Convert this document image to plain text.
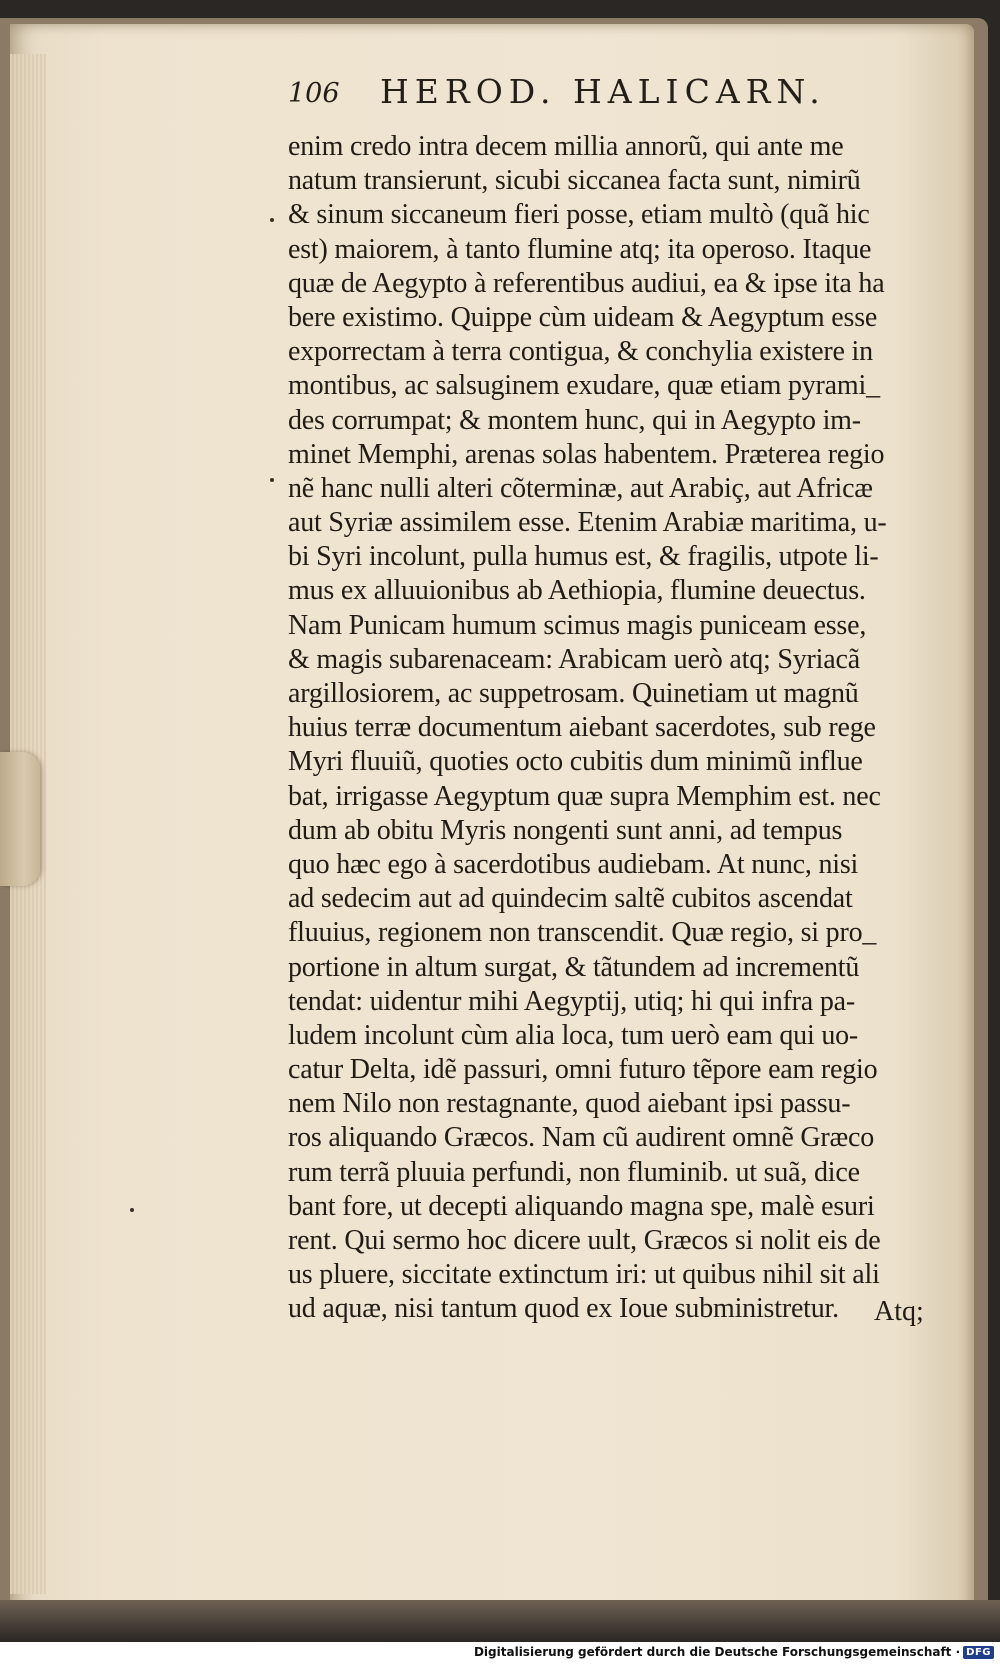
106 HEROD. HALICARN.
enim credo intra decem millia annorũ, qui ante me
natum transierunt, sicubi siccanea facta sunt, nimirũ
& sinum siccaneum fieri posse, etiam multò (quã hic
est) maiorem, à tanto flumine atq; ita operoso. Itaque
quæ de Aegypto à referentibus audiui, ea & ipse ita ha
bere existimo. Quippe cùm uideam & Aegyptum esse
exporrectam à terra contigua, & conchylia existere in
montibus, ac salsuginem exudare, quæ etiam pyrami_
des corrumpat; & montem hunc, qui in Aegypto im-
minet Memphi, arenas solas habentem. Præterea regio
nẽ hanc nulli alteri cõterminæ, aut Arabiç, aut Africæ
aut Syriæ assimilem esse. Etenim Arabiæ maritima, u-
bi Syri incolunt, pulla humus est, & fragilis, utpote li-
mus ex alluuionibus ab Aethiopia, flumine deuectus.
Nam Punicam humum scimus magis puniceam esse,
& magis subarenaceam: Arabicam uerò atq; Syriacã
argillosiorem, ac suppetrosam. Quinetiam ut magnũ
huius terræ documentum aiebant sacerdotes, sub rege
Myri fluuiũ, quoties octo cubitis dum minimũ influe
bat, irrigasse Aegyptum quæ supra Memphim est. nec
dum ab obitu Myris nongenti sunt anni, ad tempus
quo hæc ego à sacerdotibus audiebam. At nunc, nisi
ad sedecim aut ad quindecim saltẽ cubitos ascendat
fluuius, regionem non transcendit. Quæ regio, si pro_
portione in altum surgat, & tãtundem ad incrementũ
tendat: uidentur mihi Aegyptij, utiq; hi qui infra pa-
ludem incolunt cùm alia loca, tum uerò eam qui uo-
catur Delta, idẽ passuri, omni futuro tẽpore eam regio
nem Nilo non restagnante, quod aiebant ipsi passu-
ros aliquando Græcos. Nam cũ audirent omnẽ Græco
rum terrã pluuia perfundi, non fluminib. ut suã, dice
bant fore, ut decepti aliquando magna spe, malè esuri
rent. Qui sermo hoc dicere uult, Græcos si nolit eis de
us pluere, siccitate extinctum iri: ut quibus nihil sit ali
ud aquæ, nisi tantum quod ex Ioue subministretur.	Atq;
Digitalisierung gefördert durch die Deutsche Forschungsgemeinschaft · DFG
